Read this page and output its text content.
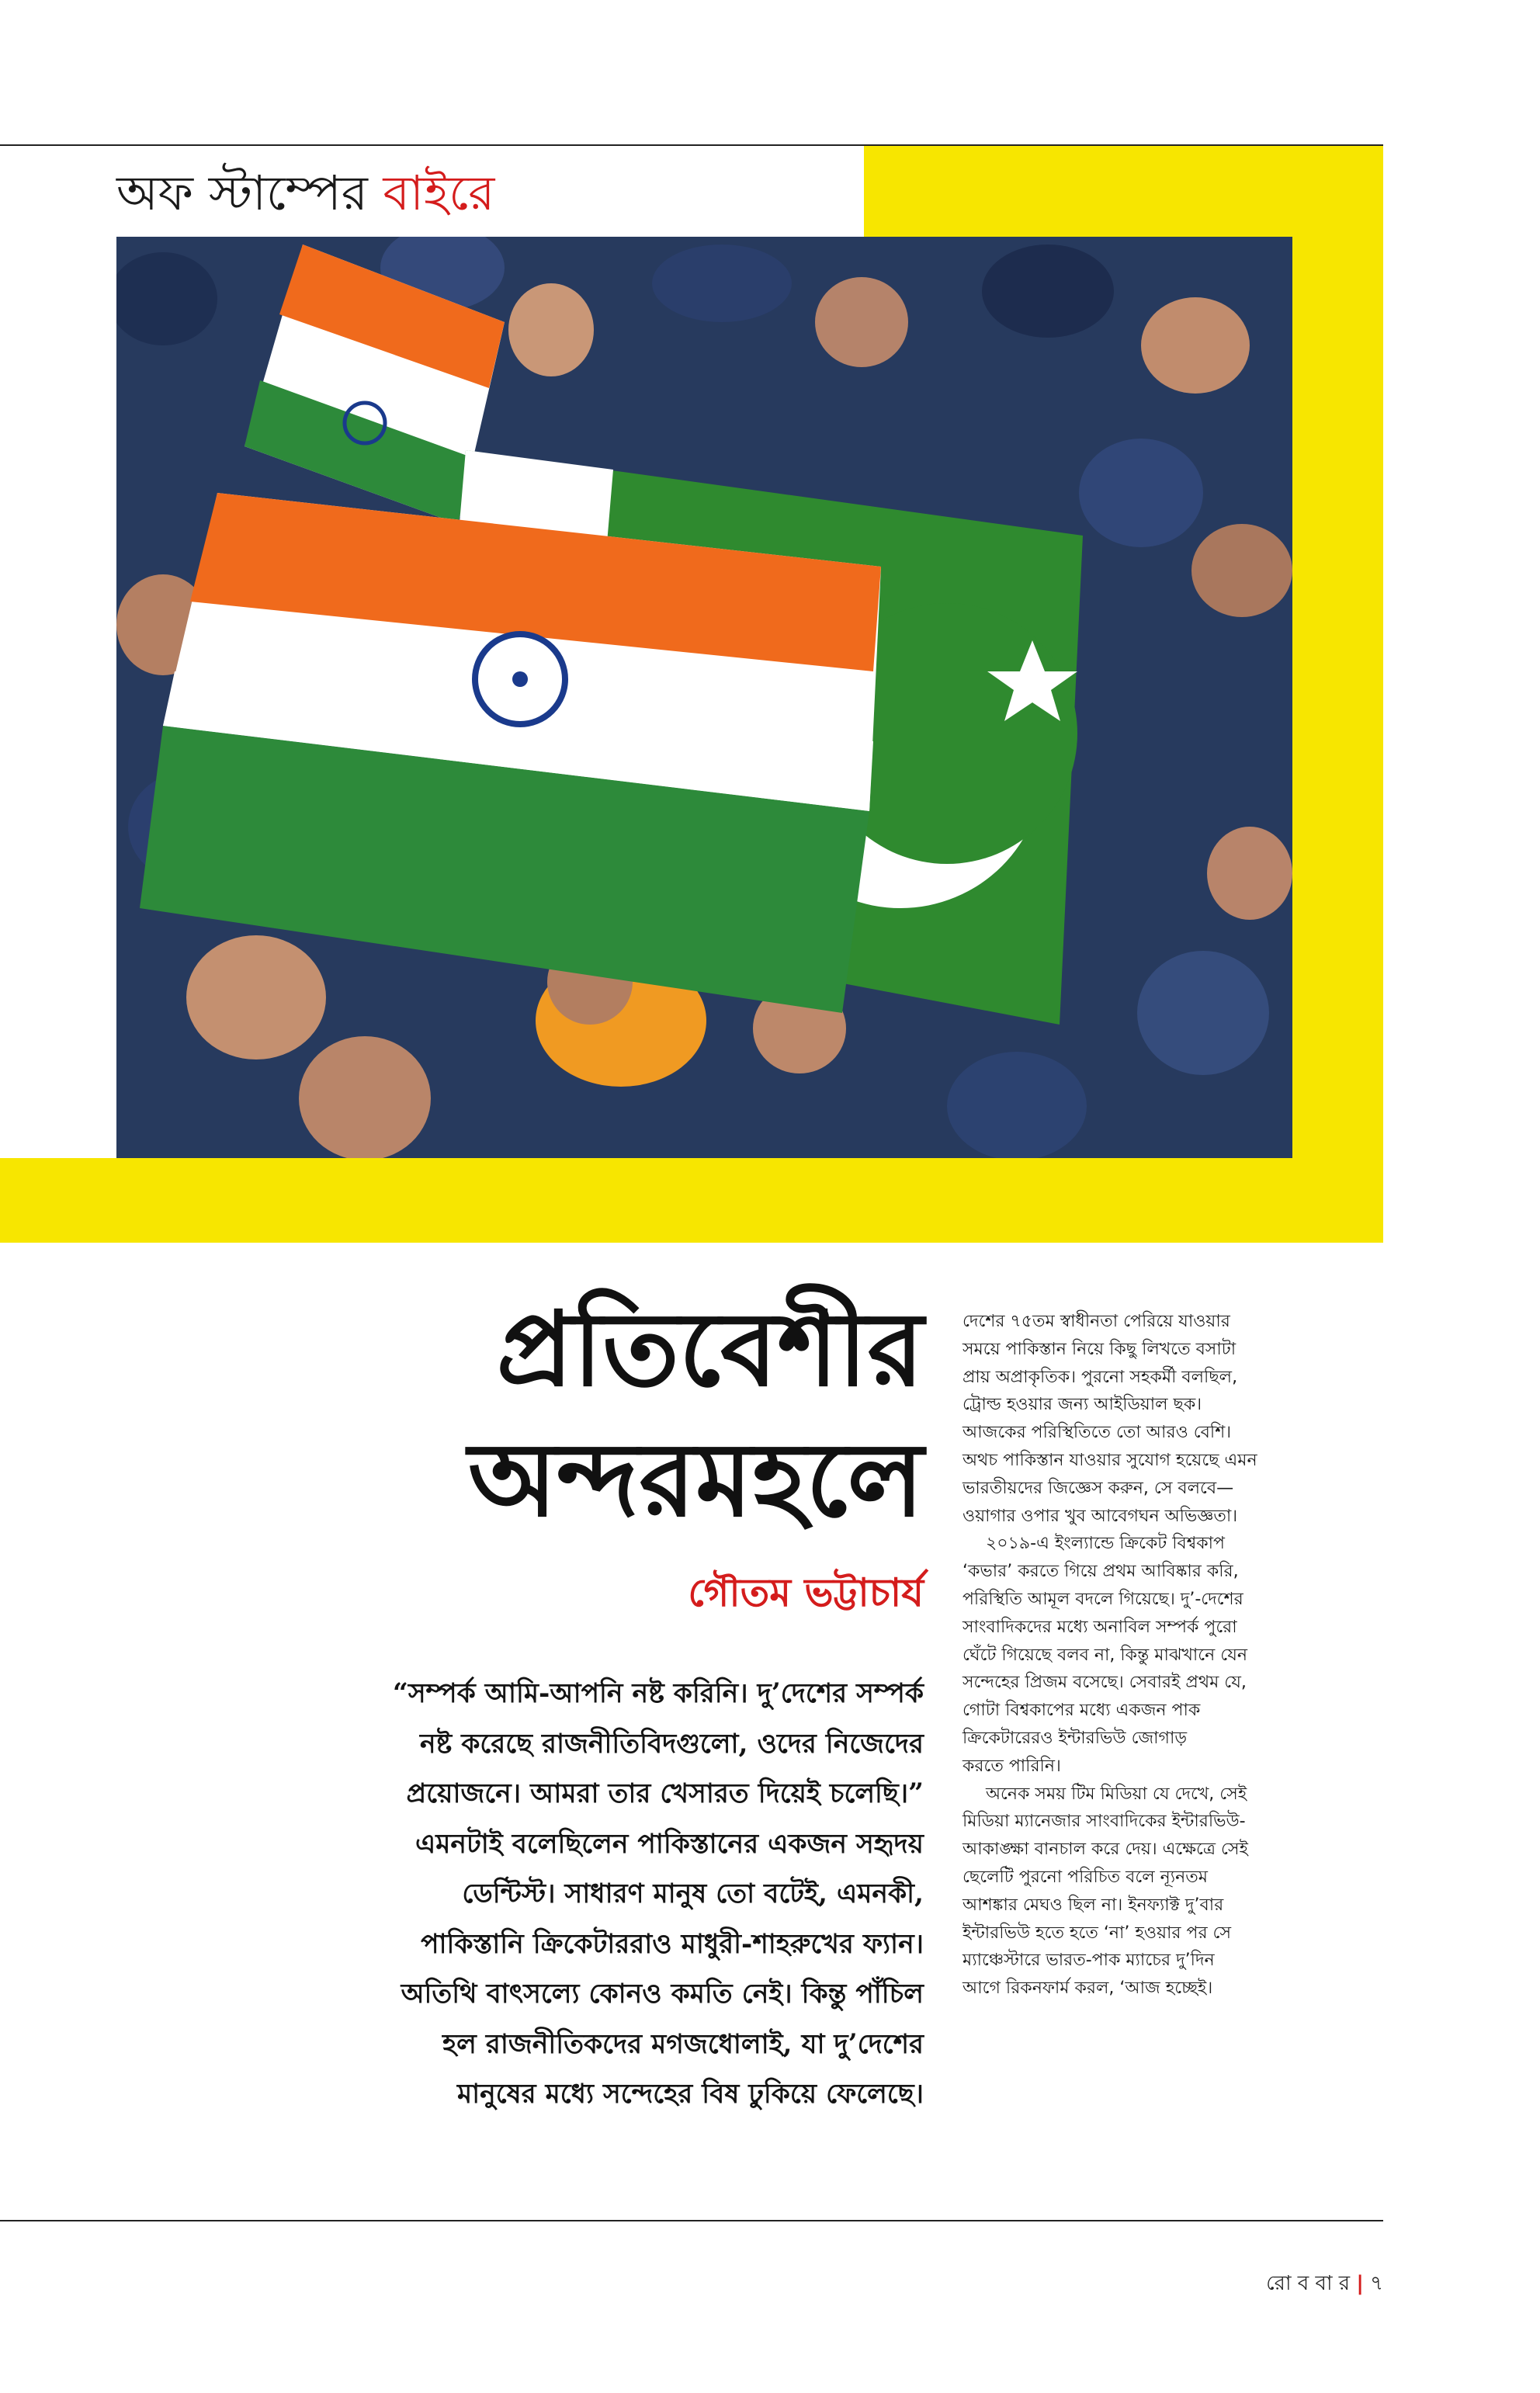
অফ স্টাম্পের বাইরে
প্রতিবেশীর
অন্দরমহলে
গৌতম ভট্টাচার্য
“সম্পর্ক আমি-আপনি নষ্ট করিনি। দু’দেশের সম্পর্ক
নষ্ট করেছে রাজনীতিবিদগুলো, ওদের নিজেদের
প্রয়োজনে। আমরা তার খেসারত দিয়েই চলেছি।”
এমনটাই বলেছিলেন পাকিস্তানের একজন সহৃদয়
ডেন্টিস্ট। সাধারণ মানুষ তো বটেই, এমনকী,
পাকিস্তানি ক্রিকেটাররাও মাধুরী-শাহরুখের ফ্যান।
অতিথি বাৎসল্যে কোনও কমতি নেই। কিন্তু পাঁচিল
হল রাজনীতিকদের মগজধোলাই, যা দু’দেশের
মানুষের মধ্যে সন্দেহের বিষ ঢুকিয়ে ফেলেছে।
দেশের ৭৫তম স্বাধীনতা পেরিয়ে যাওয়ার
সময়ে পাকিস্তান নিয়ে কিছু লিখতে বসাটা
প্রায় অপ্রাকৃতিক। পুরনো সহকর্মী বলছিল,
ট্রোল্ড হওয়ার জন্য আইডিয়াল ছক।
আজকের পরিস্থিতিতে তো আরও বেশি।
অথচ পাকিস্তান যাওয়ার সুযোগ হয়েছে এমন
ভারতীয়দের জিজ্ঞেস করুন, সে বলবে—
ওয়াগার ওপার খুব আবেগঘন অভিজ্ঞতা।
২০১৯-এ ইংল্যান্ডে ক্রিকেট বিশ্বকাপ
‘কভার’ করতে গিয়ে প্রথম আবিষ্কার করি,
পরিস্থিতি আমূল বদলে গিয়েছে। দু’-দেশের
সাংবাদিকদের মধ্যে অনাবিল সম্পর্ক পুরো
ঘেঁটে গিয়েছে বলব না, কিন্তু মাঝখানে যেন
সন্দেহের প্রিজম বসেছে। সেবারই প্রথম যে,
গোটা বিশ্বকাপের মধ্যে একজন পাক
ক্রিকেটারেরও ইন্টারভিউ জোগাড়
করতে পারিনি।
অনেক সময় টিম মিডিয়া যে দেখে, সেই
মিডিয়া ম্যানেজার সাংবাদিকের ইন্টারভিউ-
আকাঙ্ক্ষা বানচাল করে দেয়। এক্ষেত্রে সেই
ছেলেটি পুরনো পরিচিত বলে ন্যূনতম
আশঙ্কার মেঘও ছিল না। ইনফ্যাক্ট দু’বার
ইন্টারভিউ হতে হতে ‘না’ হওয়ার পর সে
ম্যাঞ্চেস্টারে ভারত-পাক ম্যাচের দু’দিন
আগে রিকনফার্ম করল, ‘আজ হচ্ছেই।
রো ব বা র | ৭
